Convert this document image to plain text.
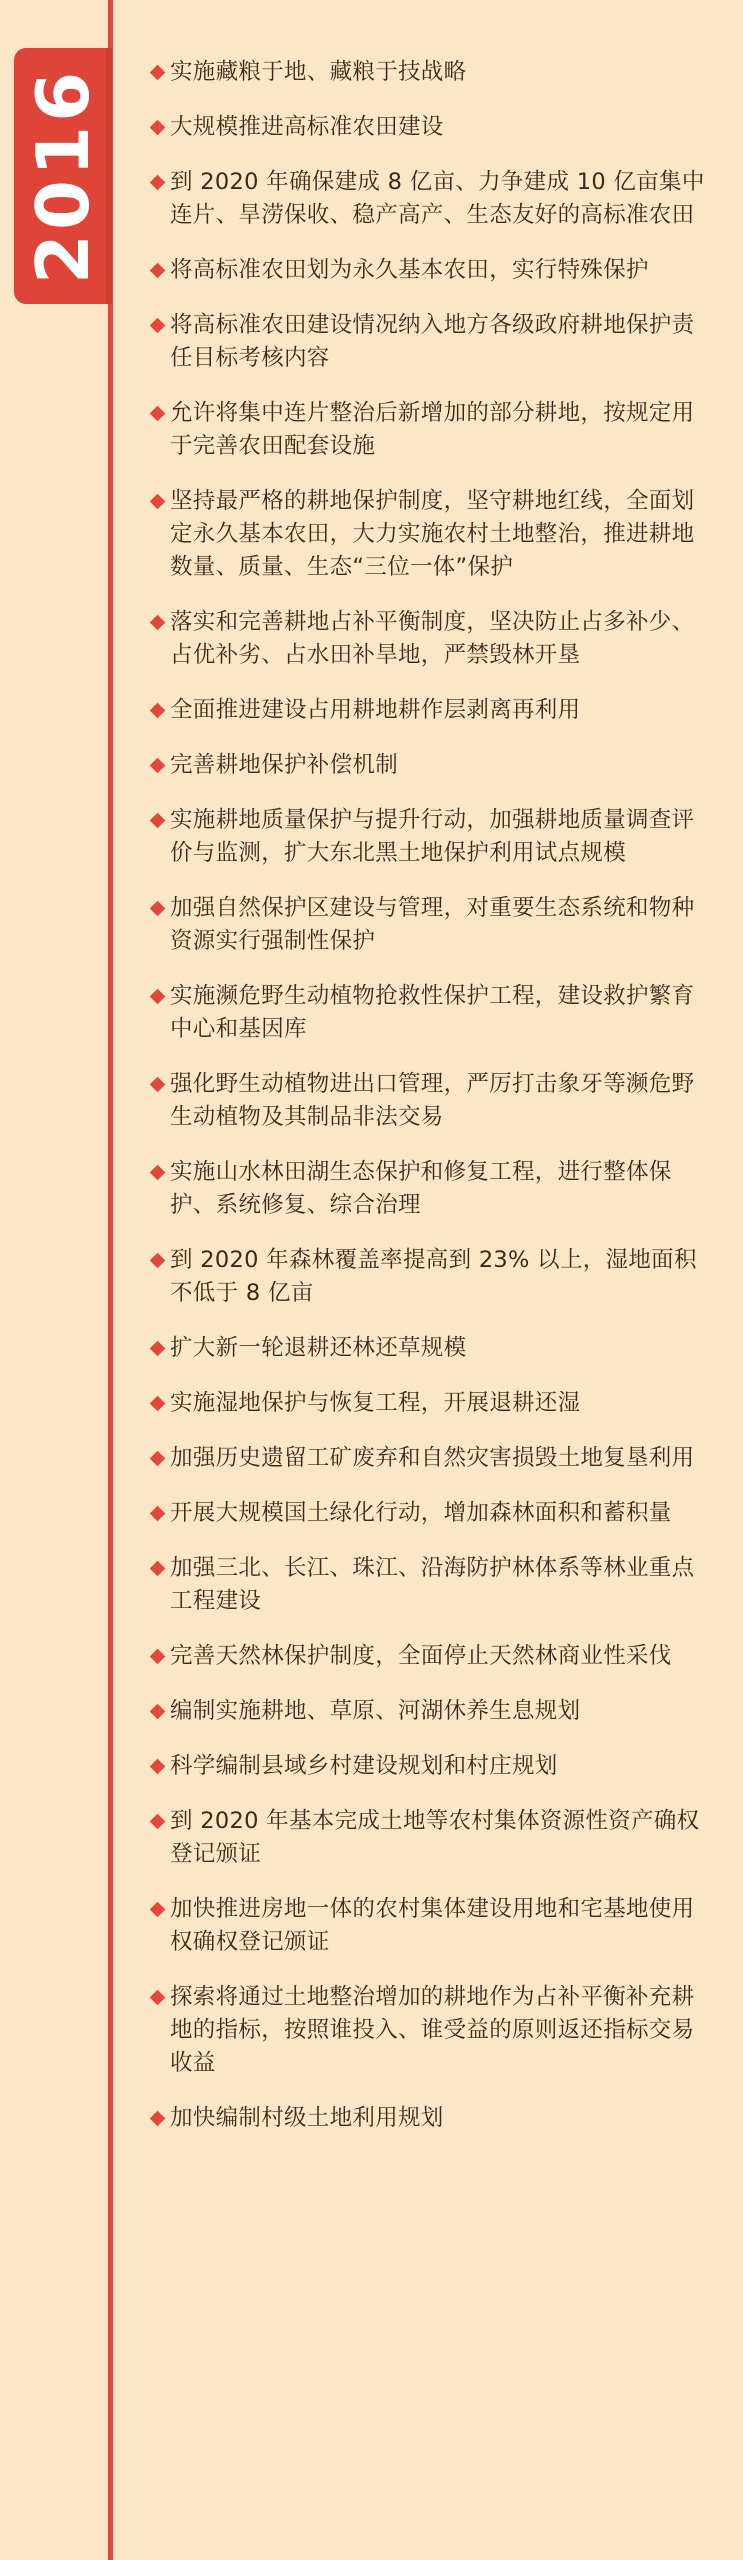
2016	实施藏粮于地、藏粮于技战略
大规模推进高标准农田建设
到 2020 年确保建成 8 亿亩、力争建成 10 亿亩集中连片、旱涝保收、稳产高产、生态友好的高标准农田
将高标准农田划为永久基本农田，实行特殊保护
将高标准农田建设情况纳入地方各级政府耕地保护责任目标考核内容
允许将集中连片整治后新增加的部分耕地，按规定用于完善农田配套设施
坚持最严格的耕地保护制度，坚守耕地红线，全面划定永久基本农田，大力实施农村土地整治，推进耕地数量、质量、生态“三位一体”保护
落实和完善耕地占补平衡制度，坚决防止占多补少、占优补劣、占水田补旱地，严禁毁林开垦
全面推进建设占用耕地耕作层剥离再利用
完善耕地保护补偿机制
实施耕地质量保护与提升行动，加强耕地质量调查评价与监测，扩大东北黑土地保护利用试点规模
加强自然保护区建设与管理，对重要生态系统和物种资源实行强制性保护
实施濒危野生动植物抢救性保护工程，建设救护繁育中心和基因库
强化野生动植物进出口管理，严厉打击象牙等濒危野生动植物及其制品非法交易
实施山水林田湖生态保护和修复工程，进行整体保护、系统修复、综合治理
到 2020 年森林覆盖率提高到 23% 以上，湿地面积不低于 8 亿亩
扩大新一轮退耕还林还草规模
实施湿地保护与恢复工程，开展退耕还湿
加强历史遗留工矿废弃和自然灾害损毁土地复垦利用
开展大规模国土绿化行动，增加森林面积和蓄积量
加强三北、长江、珠江、沿海防护林体系等林业重点工程建设
完善天然林保护制度，全面停止天然林商业性采伐
编制实施耕地、草原、河湖休养生息规划
科学编制县域乡村建设规划和村庄规划
到 2020 年基本完成土地等农村集体资源性资产确权登记颁证
加快推进房地一体的农村集体建设用地和宅基地使用权确权登记颁证
探索将通过土地整治增加的耕地作为占补平衡补充耕地的指标，按照谁投入、谁受益的原则返还指标交易收益
加快编制村级土地利用规划
